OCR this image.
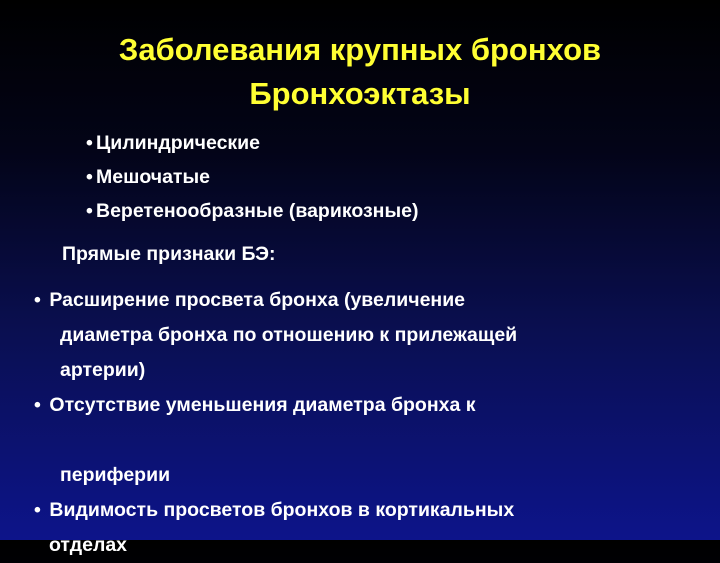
Заболевания крупных бронхов
Бронхоэктазы
• Цилиндрические
• Мешочатые
• Веретенообразные (варикозные)
Прямые признаки БЭ:
• Расширение просвета бронха (увеличение
диаметра бронха по отношению к прилежащей
артерии)
• Отсутствие уменьшения диаметра бронха к
периферии
• Видимость просветов бронхов в кортикальных
отделах
